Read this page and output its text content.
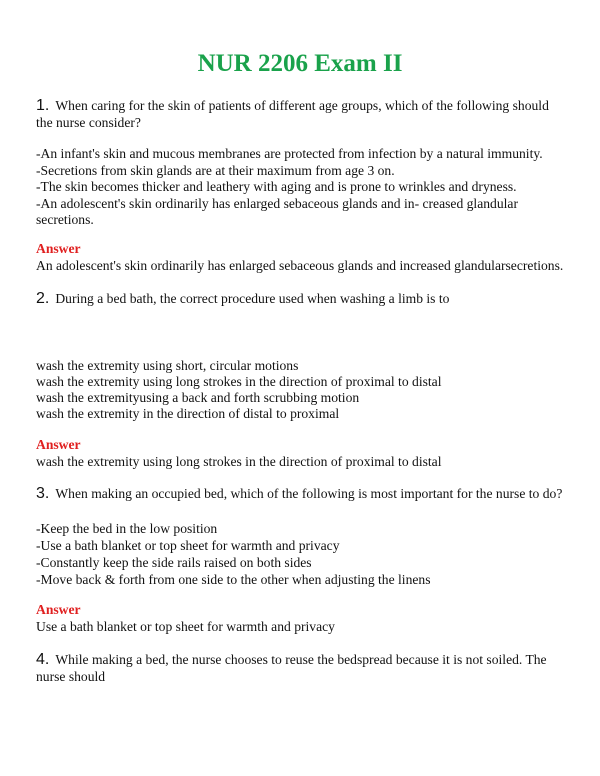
NUR 2206 Exam II
1. When caring for the skin of patients of different age groups, which of the following should
the nurse consider?
-An infant's skin and mucous membranes are protected from infection by a natural immunity.
-Secretions from skin glands are at their maximum from age 3 on.
-The skin becomes thicker and leathery with aging and is prone to wrinkles and dryness.
-An adolescent's skin ordinarily has enlarged sebaceous glands and in- creased glandular
secretions.
Answer
An adolescent's skin ordinarily has enlarged sebaceous glands and increased glandularsecretions.
2. During a bed bath, the correct procedure used when washing a limb is to
wash the extremity using short, circular motions
wash the extremity using long strokes in the direction of proximal to distal
wash the extremityusing a back and forth scrubbing motion
wash the extremity in the direction of distal to proximal
Answer
wash the extremity using long strokes in the direction of proximal to distal
3. When making an occupied bed, which of the following is most important for the nurse to do?
-Keep the bed in the low position
-Use a bath blanket or top sheet for warmth and privacy
-Constantly keep the side rails raised on both sides
-Move back & forth from one side to the other when adjusting the linens
Answer
Use a bath blanket or top sheet for warmth and privacy
4. While making a bed, the nurse chooses to reuse the bedspread because it is not soiled. The
nurse should
